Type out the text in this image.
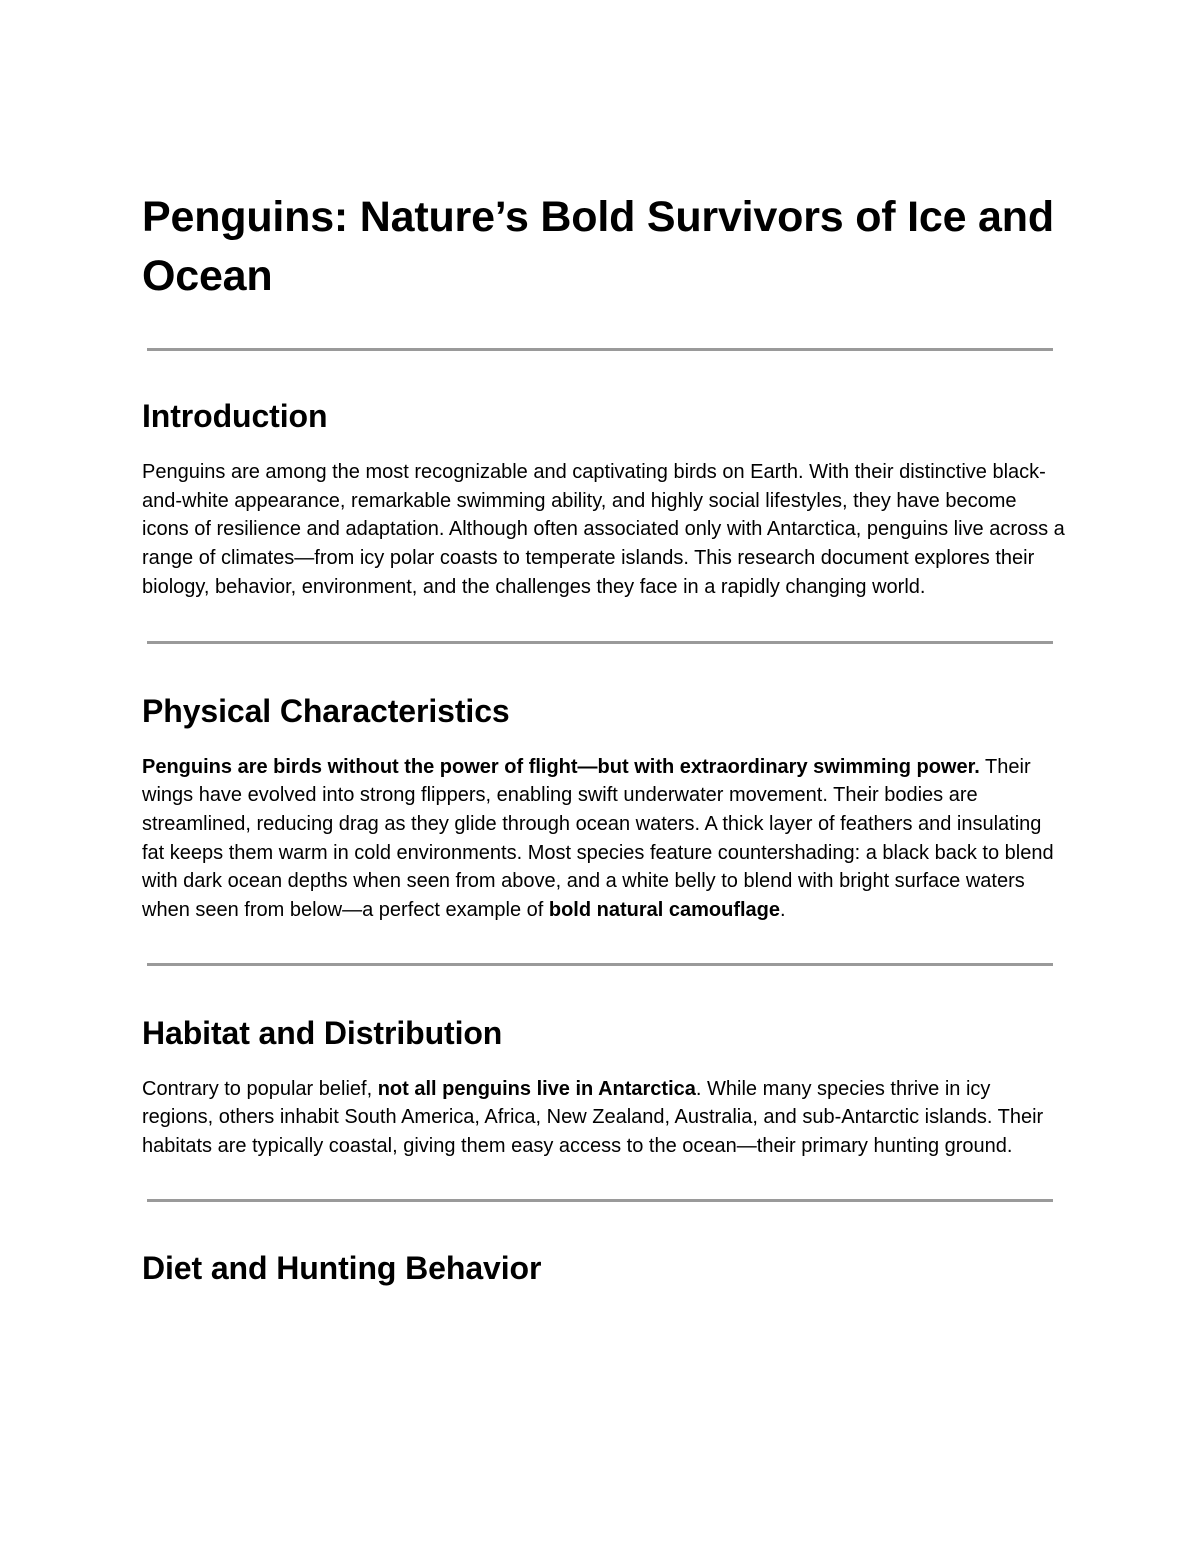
Penguins: Nature’s Bold Survivors of Ice and Ocean
Introduction

Penguins are among the most recognizable and captivating birds on Earth. With their distinctive black-and-white appearance, remarkable swimming ability, and highly social lifestyles, they have become icons of resilience and adaptation. Although often associated only with Antarctica, penguins live across a range of climates—from icy polar coasts to temperate islands. This research document explores their biology, behavior, environment, and the challenges they face in a rapidly changing world.

Physical Characteristics

Penguins are birds without the power of flight—but with extraordinary swimming power. Their wings have evolved into strong flippers, enabling swift underwater movement. Their bodies are streamlined, reducing drag as they glide through ocean waters. A thick layer of feathers and insulating fat keeps them warm in cold environments. Most species feature countershading: a black back to blend with dark ocean depths when seen from above, and a white belly to blend with bright surface waters when seen from below—a perfect example of bold natural camouflage.

Habitat and Distribution

Contrary to popular belief, not all penguins live in Antarctica. While many species thrive in icy regions, others inhabit South America, Africa, New Zealand, Australia, and sub-Antarctic islands. Their habitats are typically coastal, giving them easy access to the ocean—their primary hunting ground.

Diet and Hunting Behavior
